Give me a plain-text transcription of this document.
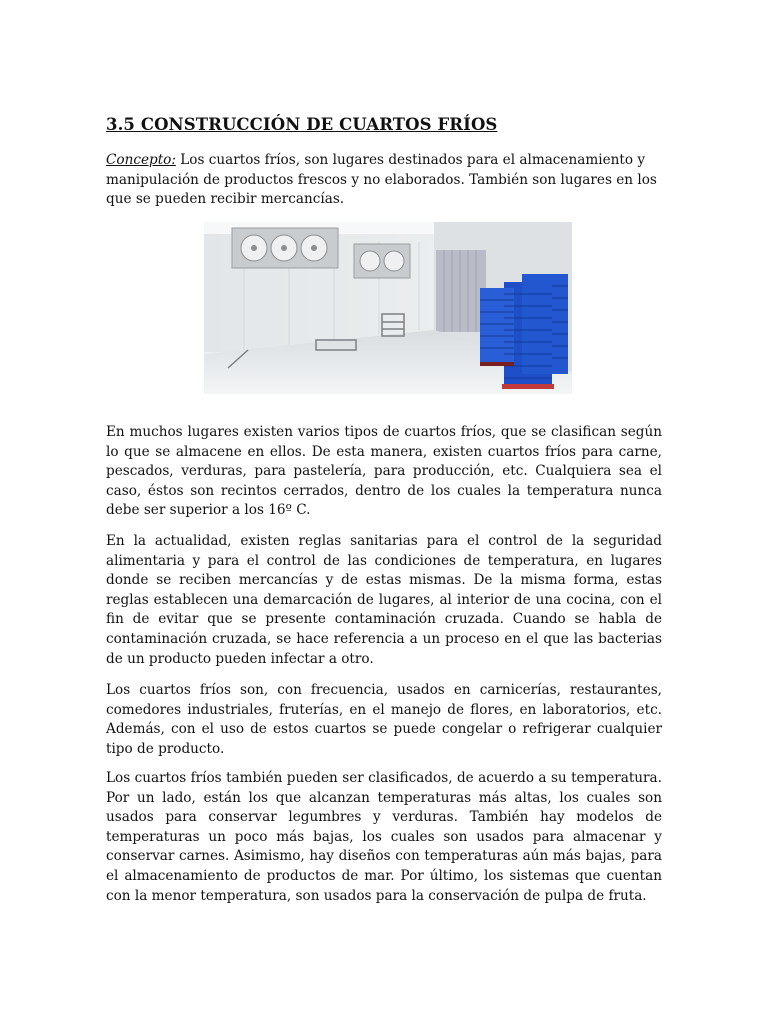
3.5 CONSTRUCCIÓN DE CUARTOS FRÍOS

Concepto: Los cuartos fríos, son lugares destinados para el almacenamiento y manipulación de productos frescos y no elaborados. También son lugares en los que se pueden recibir mercancías.

En muchos lugares existen varios tipos de cuartos fríos, que se clasifican según lo que se almacene en ellos. De esta manera, existen cuartos fríos para carne, pescados, verduras, para pastelería, para producción, etc. Cualquiera sea el caso, éstos son recintos cerrados, dentro de los cuales la temperatura nunca debe ser superior a los 16º C.

En la actualidad, existen reglas sanitarias para el control de la seguridad alimentaria y para el control de las condiciones de temperatura, en lugares donde se reciben mercancías y de estas mismas. De la misma forma, estas reglas establecen una demarcación de lugares, al interior de una cocina, con el fin de evitar que se presente contaminación cruzada. Cuando se habla de contaminación cruzada, se hace referencia a un proceso en el que las bacterias de un producto pueden infectar a otro.

Los cuartos fríos son, con frecuencia, usados en carnicerías, restaurantes, comedores industriales, fruterías, en el manejo de flores, en laboratorios, etc. Además, con el uso de estos cuartos se puede congelar o refrigerar cualquier tipo de producto.

Los cuartos fríos también pueden ser clasificados, de acuerdo a su temperatura. Por un lado, están los que alcanzan temperaturas más altas, los cuales son usados para conservar legumbres y verduras. También hay modelos de temperaturas un poco más bajas, los cuales son usados para almacenar y conservar carnes. Asimismo, hay diseños con temperaturas aún más bajas, para el almacenamiento de productos de mar. Por último, los sistemas que cuentan con la menor temperatura, son usados para la conservación de pulpa de fruta.
